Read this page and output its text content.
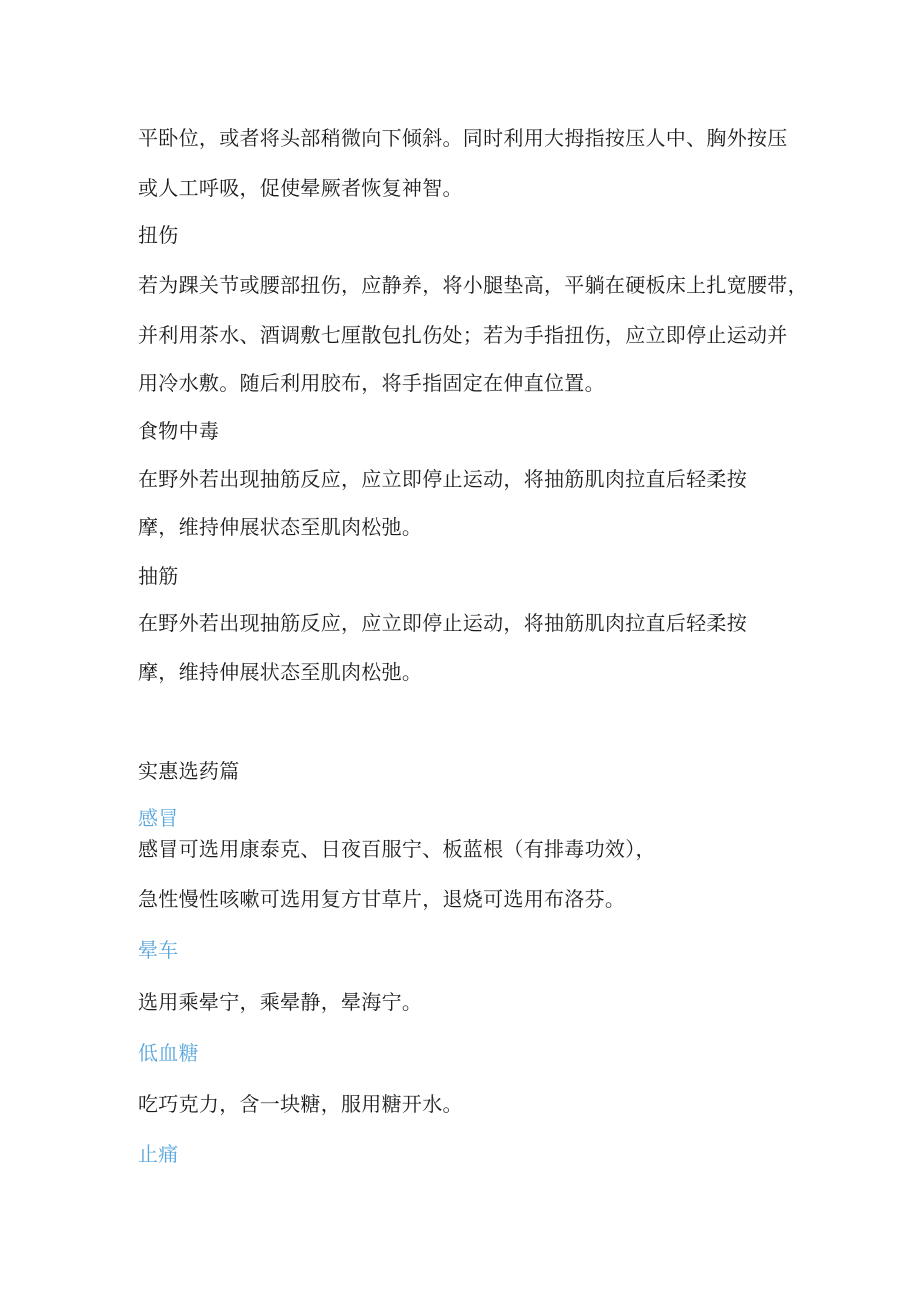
平卧位，或者将头部稍微向下倾斜。同时利用大拇指按压人中、胸外按压
或人工呼吸，促使晕厥者恢复神智。
扭伤
若为踝关节或腰部扭伤，应静养，将小腿垫高，平躺在硬板床上扎宽腰带，
并利用茶水、酒调敷七厘散包扎伤处；若为手指扭伤，应立即停止运动并
用冷水敷。随后利用胶布，将手指固定在伸直位置。
食物中毒
在野外若出现抽筋反应，应立即停止运动，将抽筋肌肉拉直后轻柔按
摩，维持伸展状态至肌肉松弛。
抽筋
在野外若出现抽筋反应，应立即停止运动，将抽筋肌肉拉直后轻柔按
摩，维持伸展状态至肌肉松弛。
实惠选药篇
感冒
感冒可选用康泰克、日夜百服宁、板蓝根（有排毒功效），
急性慢性咳嗽可选用复方甘草片，退烧可选用布洛芬。
晕车
选用乘晕宁，乘晕静，晕海宁。
低血糖
吃巧克力，含一块糖，服用糖开水。
止痛
